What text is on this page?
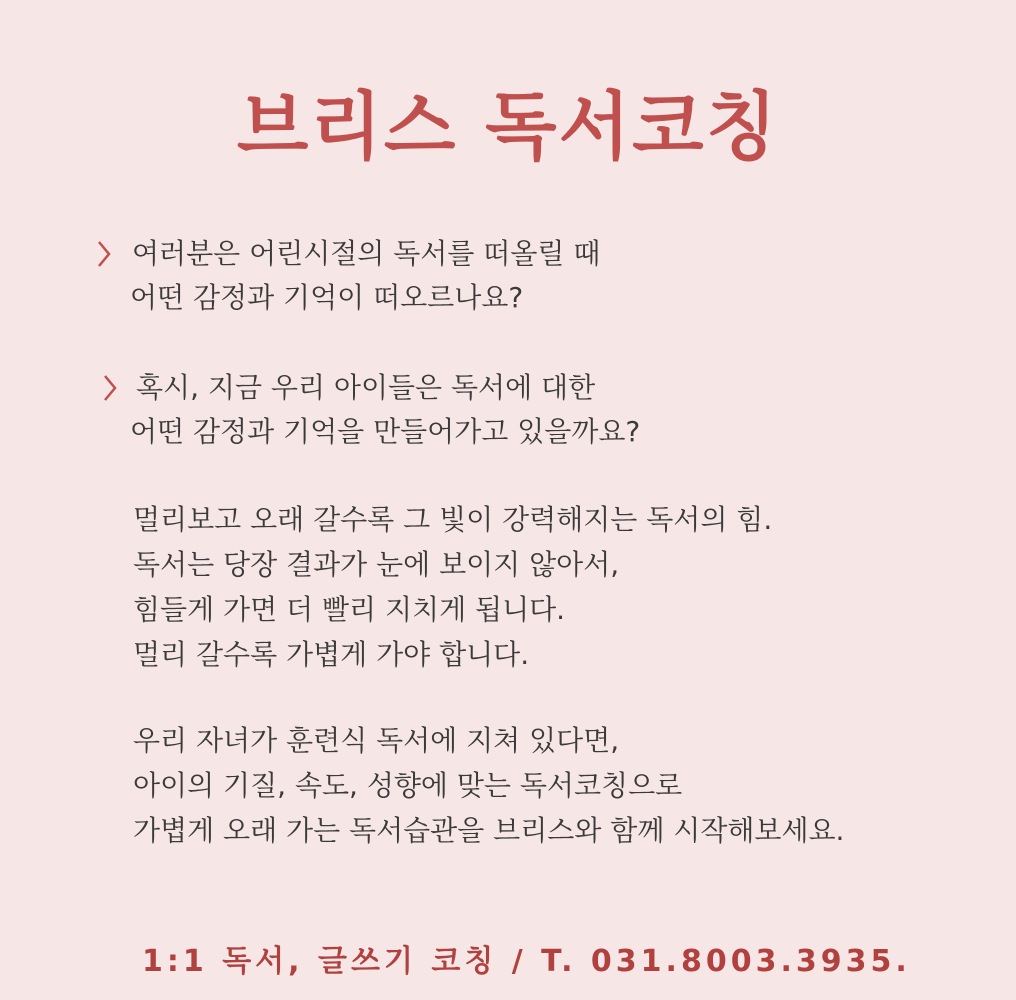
브리스 독서코칭
여러분은 어린시절의 독서를 떠올릴 때
어떤 감정과 기억이 떠오르나요?
혹시, 지금 우리 아이들은 독서에 대한
어떤 감정과 기억을 만들어가고 있을까요?
멀리보고 오래 갈수록 그 빛이 강력해지는 독서의 힘.
독서는 당장 결과가 눈에 보이지 않아서,
힘들게 가면 더 빨리 지치게 됩니다.
멀리 갈수록 가볍게 가야 합니다.
우리 자녀가 훈련식 독서에 지쳐 있다면,
아이의 기질, 속도, 성향에 맞는 독서코칭으로
가볍게 오래 가는 독서습관을 브리스와 함께 시작해보세요.
1:1 독서, 글쓰기 코칭 / T. 031.8003.3935.
